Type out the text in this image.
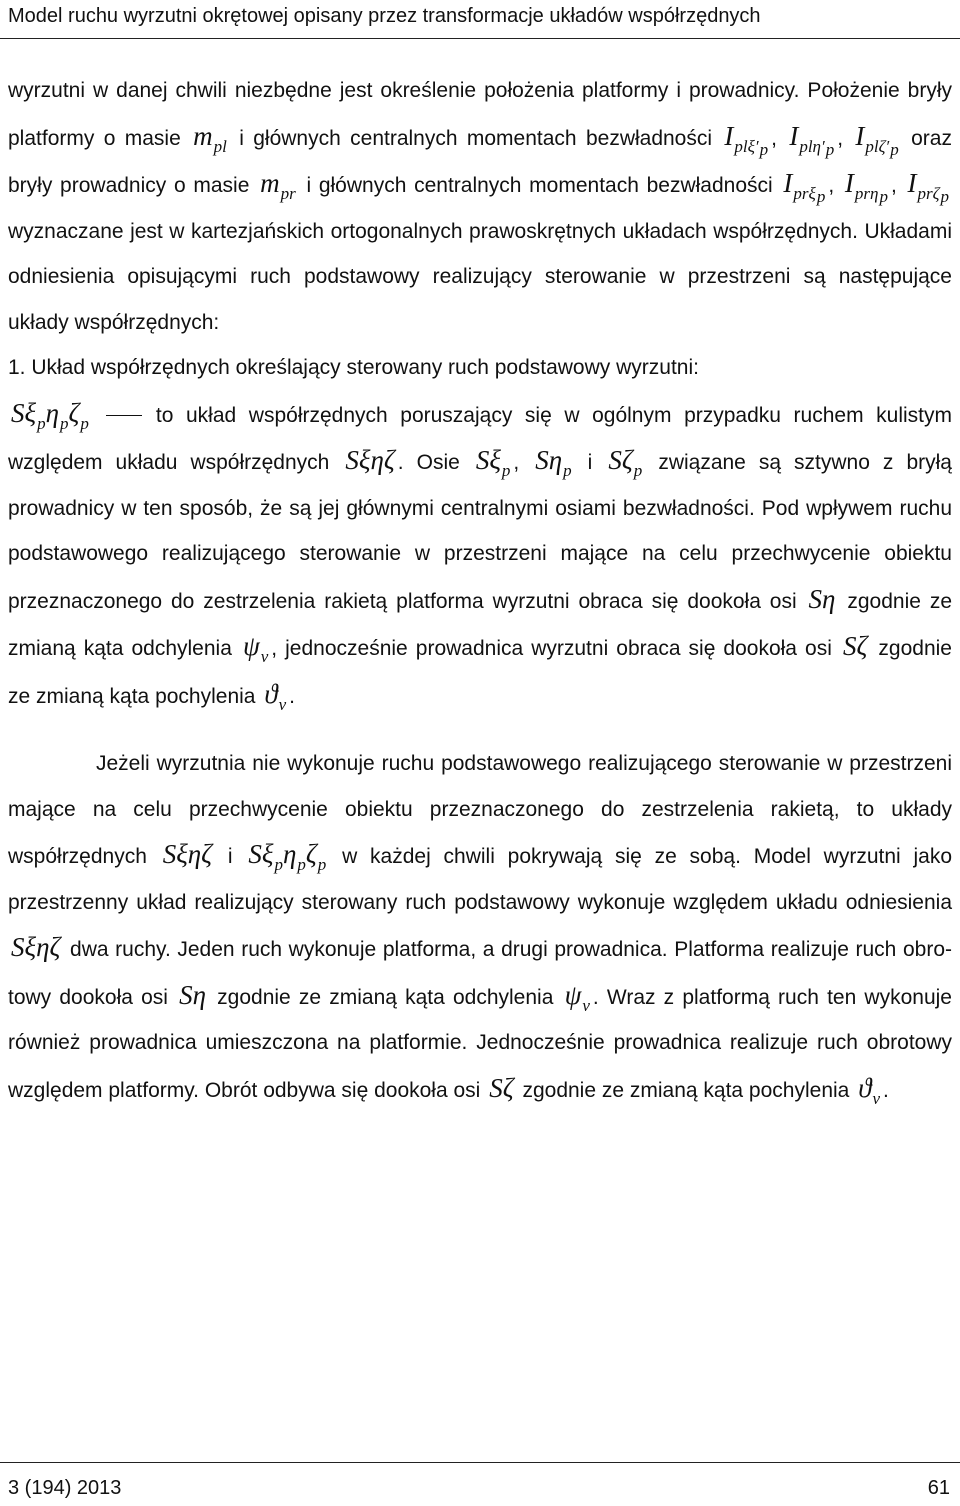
Model ruchu wyrzutni okrętowej opisany przez transformacje układów współrzędnych

wyrzutni w danej chwili niezbędne jest określenie położenia platformy i prowadnicy. Położenie bryły platformy o masie $m_{pl}$ i głównych centralnych momentach bezwładności $I_{pl\xi'p}$ , $I_{pl\eta'p}$ , $I_{pl\zeta'p}$ oraz bryły prowadnicy o masie $m_{pr}$ i głównych centralnych momentach bezwładności $I_{pr\xi p}$ , $I_{pr\eta p}$ , $I_{pr\zeta p}$ wyznaczane jest w kartezjańskich ortogonalnych prawoskrętnych układach współrzędnych. Układami odniesienia opisującymi ruch podstawowy realizujący sterowanie w przestrzeni są następujące układy współrzędnych:

1. Układ współrzędnych określający sterowany ruch podstawowy wyrzutni:

$S\xi_p\eta_p\zeta_p$	to układ współrzędnych poruszający się w ogólnym przypadku ruchem kulistym względem układu współrzędnych Sξηζ . Osie $S\xi_p$ , $S\eta_p$ i $S\zeta_p$ związane są sztywno z bryłą prowadnicy w ten sposób, że są jej głównymi centralnymi osiami bezwładności. Pod wpływem ruchu podstawowego realizującego sterowanie w przestrzeni mające na celu przechwycenie obiektu przeznaczonego do zestrzelenia rakietą platforma wyrzutni obraca się dookoła osi Sη zgodnie ze zmianą kąta odchylenia $\psi_v$ , jednocześnie prowadnica wyrzutni obraca się dookoła osi Sζ zgodnie ze zmianą kąta pochylenia $ϑ_v$ .

Jeżeli wyrzutnia nie wykonuje ruchu podstawowego realizującego sterowanie w przestrzeni mające na celu przechwycenie obiektu przeznaczonego do zestrzelenia rakietą, to układy współrzędnych Sξηζ i $S\xi_p\eta_p\zeta_p$ w każdej chwili pokrywają się ze sobą. Model wyrzutni jako przestrzenny układ realizujący sterowany ruch podstawowy wykonuje względem układu odniesienia Sξηζ dwa ruchy. Jeden ruch wykonuje platforma, a drugi prowadnica. Platforma realizuje ruch obrotowy dookoła osi Sη zgodnie ze zmianą kąta odchylenia $\psi_v$ . Wraz z platformą ruch ten wykonuje również prowadnica umieszczona na platformie. Jednocześnie prowadnica realizuje ruch obrotowy względem platformy. Obrót odbywa się dookoła osi Sζ zgodnie ze zmianą kąta pochylenia $ϑ_v$ .

3 (194) 2013	61
